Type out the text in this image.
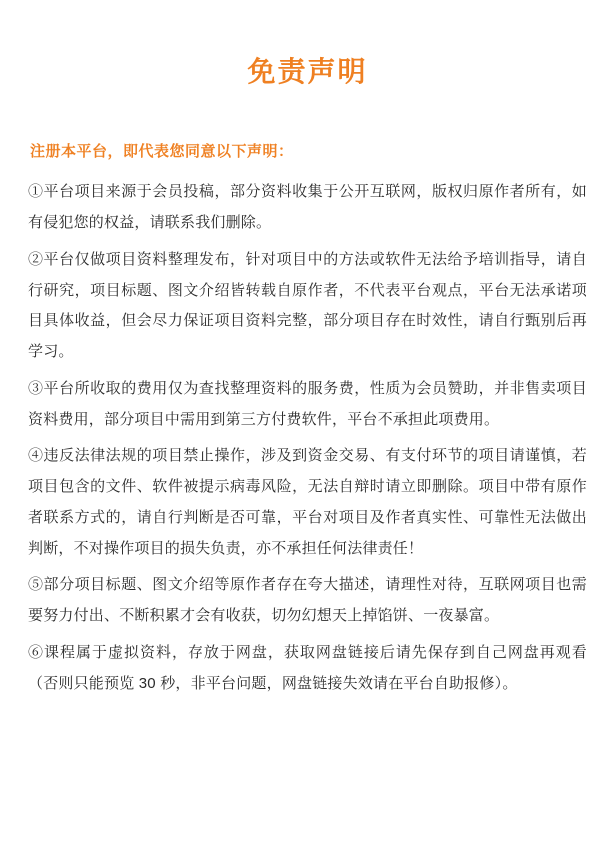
免责声明

注册本平台，即代表您同意以下声明：

①平台项目来源于会员投稿，部分资料收集于公开互联网，版权归原作者所有，如有侵犯您的权益，请联系我们删除。

②平台仅做项目资料整理发布，针对项目中的方法或软件无法给予培训指导，请自行研究，项目标题、图文介绍皆转载自原作者，不代表平台观点，平台无法承诺项目具体收益，但会尽力保证项目资料完整，部分项目存在时效性，请自行甄别后再学习。

③平台所收取的费用仅为查找整理资料的服务费，性质为会员赞助，并非售卖项目资料费用，部分项目中需用到第三方付费软件，平台不承担此项费用。

④违反法律法规的项目禁止操作，涉及到资金交易、有支付环节的项目请谨慎，若项目包含的文件、软件被提示病毒风险，无法自辩时请立即删除。项目中带有原作者联系方式的，请自行判断是否可靠，平台对项目及作者真实性、可靠性无法做出判断，不对操作项目的损失负责，亦不承担任何法律责任！

⑤部分项目标题、图文介绍等原作者存在夸大描述，请理性对待，互联网项目也需要努力付出、不断积累才会有收获，切勿幻想天上掉馅饼、一夜暴富。

⑥课程属于虚拟资料，存放于网盘，获取网盘链接后请先保存到自己网盘再观看（否则只能预览 30 秒，非平台问题，网盘链接失效请在平台自助报修）。
